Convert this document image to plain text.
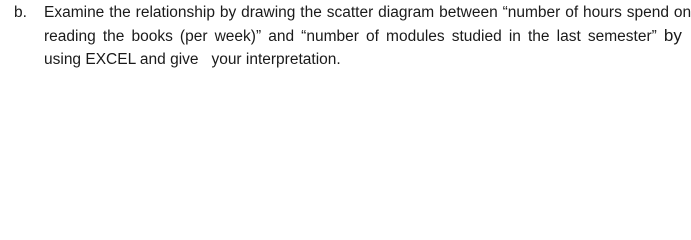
b. Examine the relationship by drawing the scatter diagram between “number of hours spend on
reading the books (per week)” and “number of modules studied in the last semester” by
using EXCEL and give   your interpretation.
